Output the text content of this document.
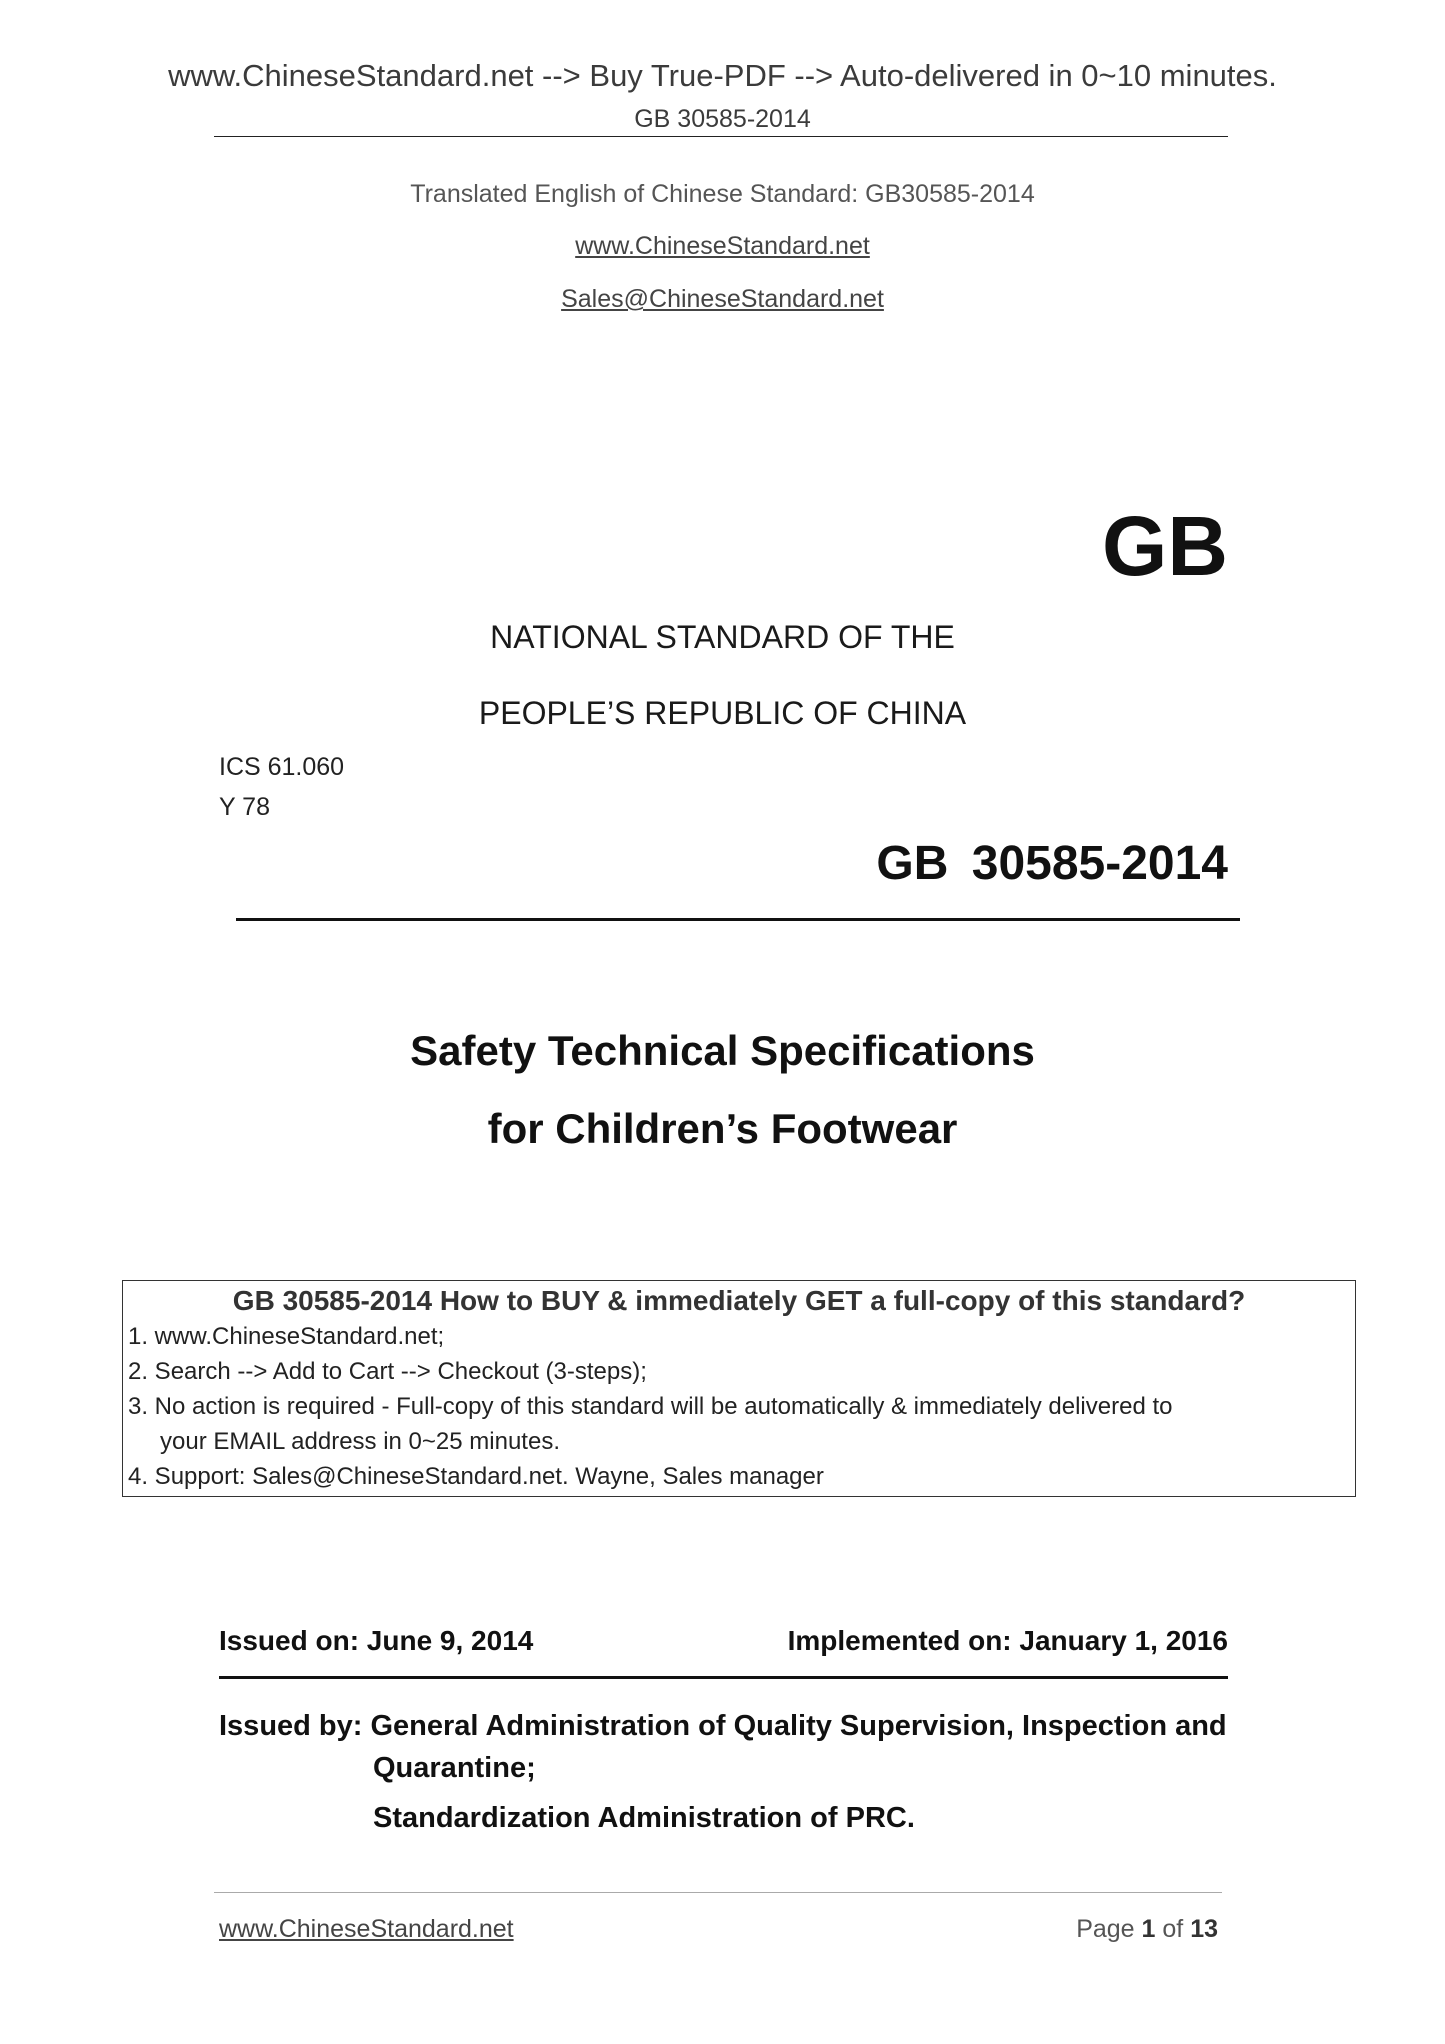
www.ChineseStandard.net --> Buy True-PDF --> Auto-delivered in 0~10 minutes.
GB 30585-2014
Translated English of Chinese Standard: GB30585-2014
www.ChineseStandard.net
Sales@ChineseStandard.net
GB
NATIONAL STANDARD OF THE
PEOPLE’S REPUBLIC OF CHINA
ICS 61.060
Y 78
GB 30585-2014
Safety Technical Specifications
for Children’s Footwear
GB 30585-2014 How to BUY & immediately GET a full-copy of this standard?
1. www.ChineseStandard.net;
2. Search --> Add to Cart --> Checkout (3-steps);
3. No action is required - Full-copy of this standard will be automatically & immediately delivered to
your EMAIL address in 0~25 minutes.
4. Support: Sales@ChineseStandard.net. Wayne, Sales manager
Issued on: June 9, 2014	Implemented on: January 1, 2016
Issued by: General Administration of Quality Supervision, Inspection and
Quarantine;
Standardization Administration of PRC.
www.ChineseStandard.net	Page 1 of 13
